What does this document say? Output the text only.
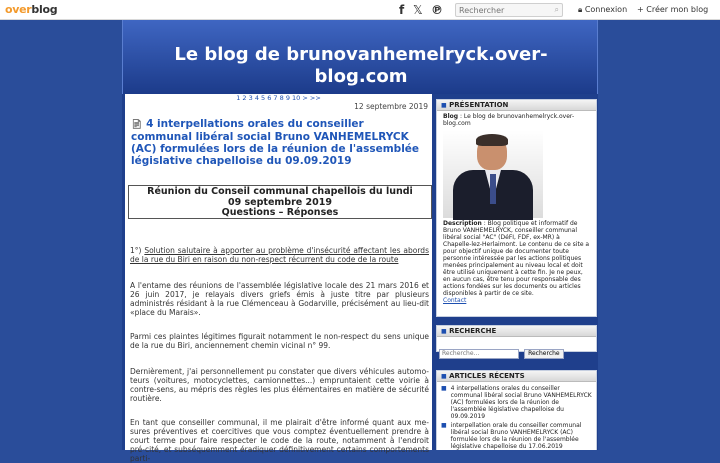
overblog	f 𝕏 ℗
Rechercher	⌕ 🔒︎ Connexion + Créer mon blog
Le blog de brunovanhemelryck.over-
blog.com
1 2 3 4 5 6 7 8 9 10 > >>
12 septembre 2019
📄︎ 4 interpellations orales du conseiller communal libéral social Bruno VANHEMELRYCK (AC) formulées lors de la réunion de l'assemblée législative chapelloise du 09.09.2019
Réunion du Conseil communal chapellois du lundi
09 septembre 2019
Questions – Réponses
1°) Solution salutaire à apporter au problème d'insécurité affectant les abords de la rue du Biri en raison du non-respect récurrent du code de la route
A l'entame des réunions de l'assemblée législative locale des 21 mars 2016 et 26 juin 2017, je relayais divers griefs émis à juste titre par plusieurs administrés résidant à la rue Clémenceau à Godarville, précisément au lieu-dit «place du Marais».
Parmi ces plaintes légitimes figurait notamment le non-respect du sens unique de la rue du Biri, anciennement chemin vicinal n° 99.
Dernièrement, j'ai personnellement pu constater que divers véhicules automo-teurs (voitures, motocyclettes, camionnettes...) empruntaient cette voirie à contre-sens, au mépris des règles les plus élémentaires en matière de sécurité routière.
En tant que conseiller communal, il me plairait d'être informé quant aux me-sures préventives et coercitives que vous comptez éventuellement prendre à court terme pour faire respecter le code de la route, notamment à l'endroit pré-cité, et subséquemment éradiquer définitivement certains comportements parti-
■ PRÉSENTATION
Blog : Le blog de brunovanhemelryck.over-blog.com
Description : Blog politique et informatif de Bruno VANHEMELRYCK, conseiller communal libéral social "AC" (DéFI, FDF, ex-MR) à Chapelle-lez-Herlaimont. Le contenu de ce site a pour objectif unique de documenter toute personne intéressée par les actions politiques menées principalement au niveau local et doit être utilisé uniquement à cette fin. Je ne peux, en aucun cas, être tenu pour responsable des actions fondées sur les documents ou articles disponibles à partir de ce site.
Contact
■ RECHERCHE
Recherche... Recherche
■ ARTICLES RÉCENTS
■ 4 interpellations orales du conseiller communal libéral social Bruno VANHEMELRYCK (AC) formulées lors de la réunion de l'assemblée législative chapelloise du 09.09.2019
■ interpellation orale du conseiller communal libéral social Bruno VANHEMELRYCK (AC) formulée lors de la réunion de l'assemblée législative chapelloise du 17.06.2019
